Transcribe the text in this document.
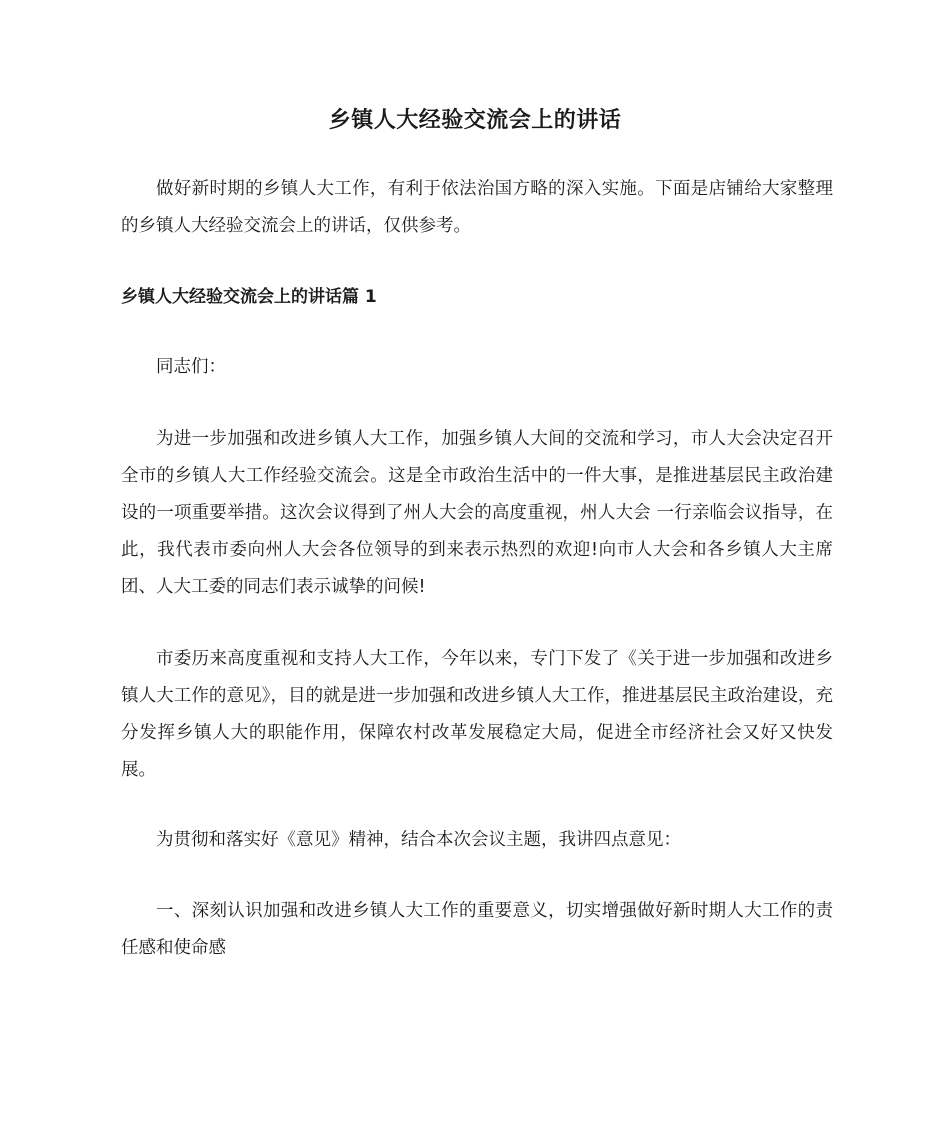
乡镇人大经验交流会上的讲话

做好新时期的乡镇人大工作，有利于依法治国方略的深入实施。下面是店铺给大家整理的乡镇人大经验交流会上的讲话，仅供参考。

乡镇人大经验交流会上的讲话篇 1

同志们：

为进一步加强和改进乡镇人大工作，加强乡镇人大间的交流和学习，市人大会决定召开全市的乡镇人大工作经验交流会。这是全市政治生活中的一件大事，是推进基层民主政治建设的一项重要举措。这次会议得到了州人大会的高度重视，州人大会 一行亲临会议指导，在此，我代表市委向州人大会各位领导的到来表示热烈的欢迎!向市人大会和各乡镇人大主席团、人大工委的同志们表示诚挚的问候!

市委历来高度重视和支持人大工作，今年以来，专门下发了《关于进一步加强和改进乡镇人大工作的意见》，目的就是进一步加强和改进乡镇人大工作，推进基层民主政治建设，充分发挥乡镇人大的职能作用，保障农村改革发展稳定大局，促进全市经济社会又好又快发展。

为贯彻和落实好《意见》精神，结合本次会议主题，我讲四点意见：

一、深刻认识加强和改进乡镇人大工作的重要意义，切实增强做好新时期人大工作的责任感和使命感
